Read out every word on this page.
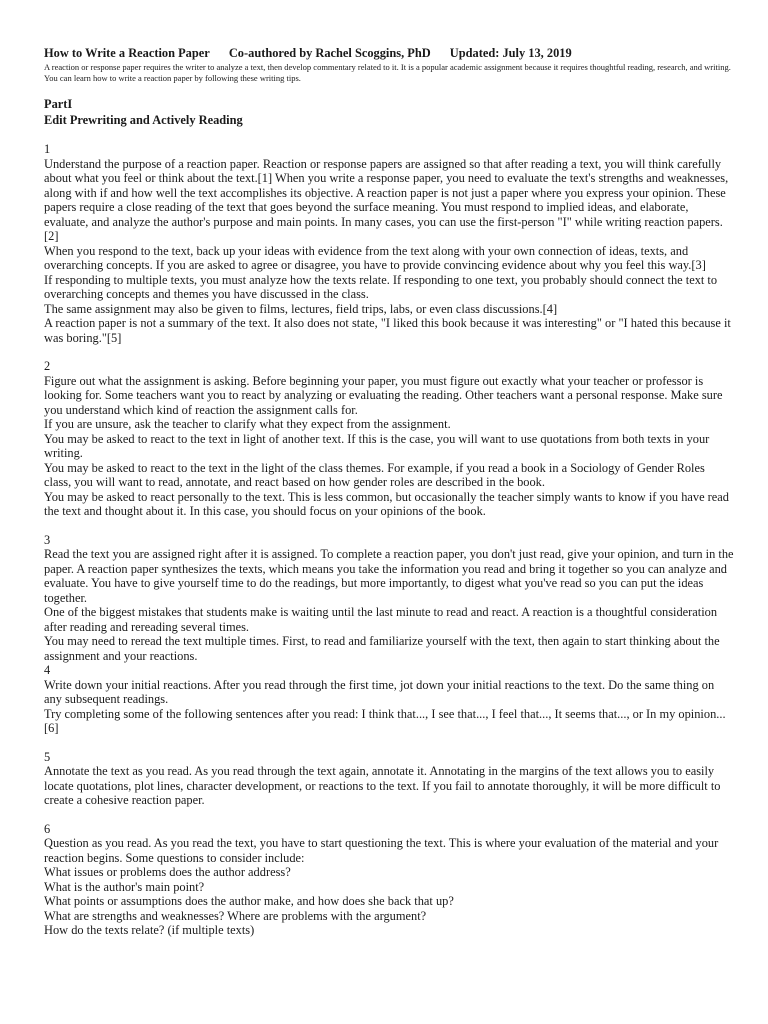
How to Write a Reaction Paper Co-authored by Rachel Scoggins, PhD Updated: July 13, 2019
A reaction or response paper requires the writer to analyze a text, then develop commentary related to it. It is a popular academic assignment because it requires thoughtful reading, research, and writing. You can learn how to write a reaction paper by following these writing tips.
PartI
Edit Prewriting and Actively Reading
1
Understand the purpose of a reaction paper. Reaction or response papers are assigned so that after reading a text, you will think carefully about what you feel or think about the text.[1] When you write a response paper, you need to evaluate the text's strengths and weaknesses, along with if and how well the text accomplishes its objective. A reaction paper is not just a paper where you express your opinion. These papers require a close reading of the text that goes beyond the surface meaning. You must respond to implied ideas, and elaborate, evaluate, and analyze the author's purpose and main points. In many cases, you can use the first-person "I" while writing reaction papers.[2]
When you respond to the text, back up your ideas with evidence from the text along with your own connection of ideas, texts, and overarching concepts. If you are asked to agree or disagree, you have to provide convincing evidence about why you feel this way.[3]
If responding to multiple texts, you must analyze how the texts relate. If responding to one text, you probably should connect the text to overarching concepts and themes you have discussed in the class.
The same assignment may also be given to films, lectures, field trips, labs, or even class discussions.[4]
A reaction paper is not a summary of the text. It also does not state, "I liked this book because it was interesting" or "I hated this because it was boring."[5]
2
Figure out what the assignment is asking. Before beginning your paper, you must figure out exactly what your teacher or professor is looking for. Some teachers want you to react by analyzing or evaluating the reading. Other teachers want a personal response. Make sure you understand which kind of reaction the assignment calls for.
If you are unsure, ask the teacher to clarify what they expect from the assignment.
You may be asked to react to the text in light of another text. If this is the case, you will want to use quotations from both texts in your writing.
You may be asked to react to the text in the light of the class themes. For example, if you read a book in a Sociology of Gender Roles class, you will want to read, annotate, and react based on how gender roles are described in the book.
You may be asked to react personally to the text. This is less common, but occasionally the teacher simply wants to know if you have read the text and thought about it. In this case, you should focus on your opinions of the book.
3
Read the text you are assigned right after it is assigned. To complete a reaction paper, you don't just read, give your opinion, and turn in the paper. A reaction paper synthesizes the texts, which means you take the information you read and bring it together so you can analyze and evaluate. You have to give yourself time to do the readings, but more importantly, to digest what you've read so you can put the ideas together.
One of the biggest mistakes that students make is waiting until the last minute to read and react. A reaction is a thoughtful consideration after reading and rereading several times.
You may need to reread the text multiple times. First, to read and familiarize yourself with the text, then again to start thinking about the assignment and your reactions.
4
Write down your initial reactions. After you read through the first time, jot down your initial reactions to the text. Do the same thing on any subsequent readings.
Try completing some of the following sentences after you read: I think that..., I see that..., I feel that..., It seems that..., or In my opinion...[6]
5
Annotate the text as you read. As you read through the text again, annotate it. Annotating in the margins of the text allows you to easily locate quotations, plot lines, character development, or reactions to the text. If you fail to annotate thoroughly, it will be more difficult to create a cohesive reaction paper.
6
Question as you read. As you read the text, you have to start questioning the text. This is where your evaluation of the material and your reaction begins. Some questions to consider include:
What issues or problems does the author address?
What is the author's main point?
What points or assumptions does the author make, and how does she back that up?
What are strengths and weaknesses? Where are problems with the argument?
How do the texts relate? (if multiple texts)
